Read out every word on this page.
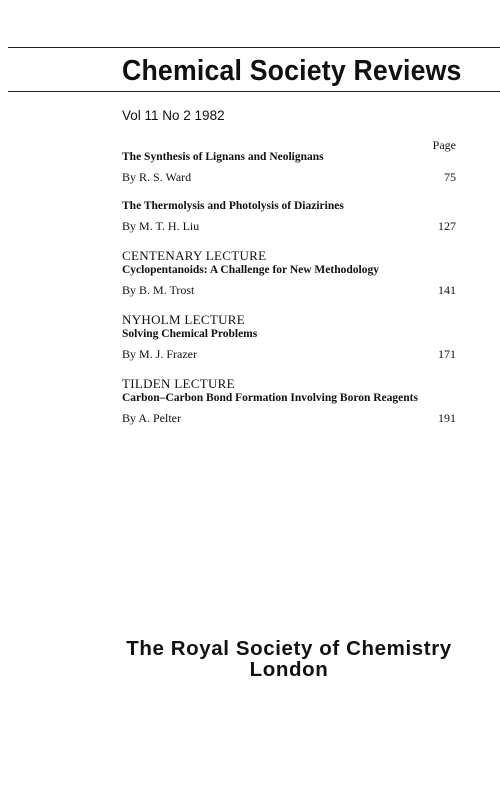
Chemical Society Reviews
Vol 11 No 2 1982
Page
The Synthesis of Lignans and Neolignans
By R. S. Ward	75
The Thermolysis and Photolysis of Diazirines
By M. T. H. Liu	127
CENTENARY LECTURE
Cyclopentanoids: A Challenge for New Methodology
By B. M. Trost	141
NYHOLM LECTURE
Solving Chemical Problems
By M. J. Frazer	171
TILDEN LECTURE
Carbon–Carbon Bond Formation Involving Boron Reagents
By A. Pelter	191
The Royal Society of Chemistry
London
